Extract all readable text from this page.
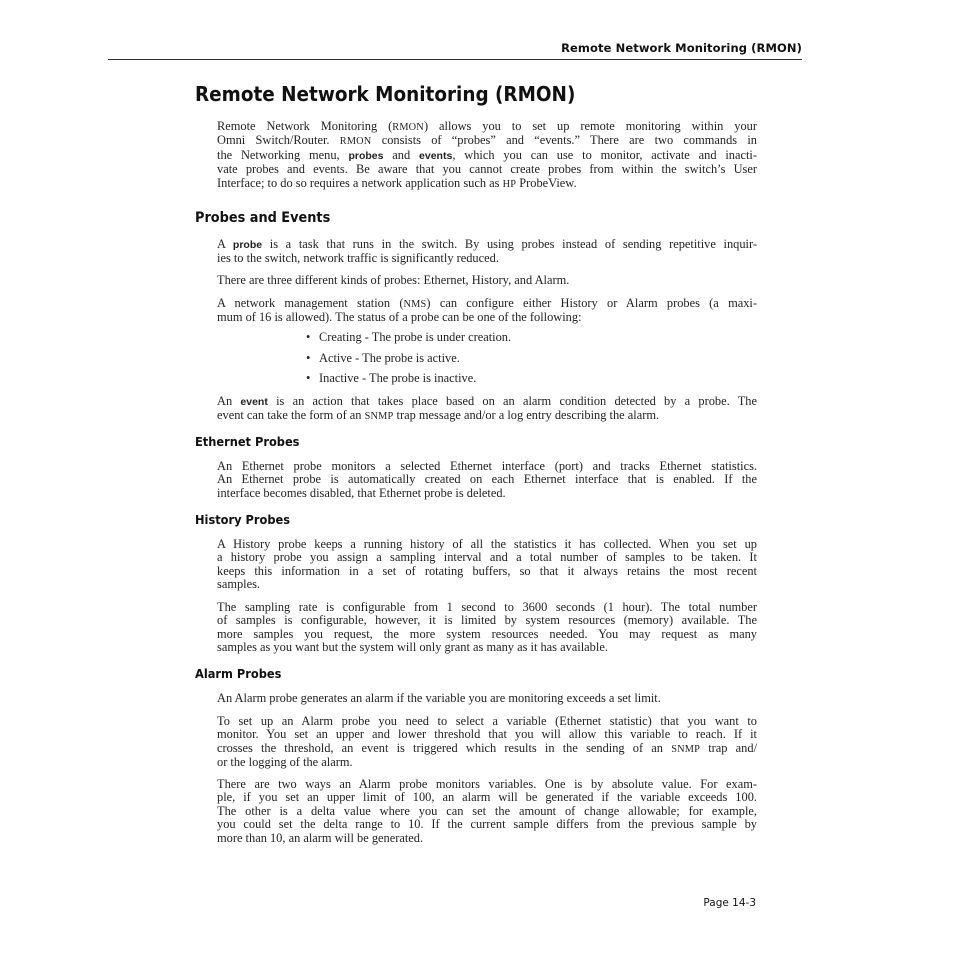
Remote Network Monitoring (RMON)
Remote Network Monitoring (RMON)
Remote Network Monitoring (RMON) allows you to set up remote monitoring within your
Omni Switch/Router. RMON consists of “probes” and “events.” There are two commands in
the Networking menu, probes and events, which you can use to monitor, activate and inacti-
vate probes and events. Be aware that you cannot create probes from within the switch’s User
Interface; to do so requires a network application such as HP ProbeView.
Probes and Events
A probe is a task that runs in the switch. By using probes instead of sending repetitive inquir-
ies to the switch, network traffic is significantly reduced.
There are three different kinds of probes: Ethernet, History, and Alarm.
A network management station (NMS) can configure either History or Alarm probes (a maxi-
mum of 16 is allowed). The status of a probe can be one of the following:
• Creating - The probe is under creation.
• Active - The probe is active.
• Inactive - The probe is inactive.
An event is an action that takes place based on an alarm condition detected by a probe. The
event can take the form of an SNMP trap message and/or a log entry describing the alarm.
Ethernet Probes
An Ethernet probe monitors a selected Ethernet interface (port) and tracks Ethernet statistics.
An Ethernet probe is automatically created on each Ethernet interface that is enabled. If the
interface becomes disabled, that Ethernet probe is deleted.
History Probes
A History probe keeps a running history of all the statistics it has collected. When you set up
a history probe you assign a sampling interval and a total number of samples to be taken. It
keeps this information in a set of rotating buffers, so that it always retains the most recent
samples.
The sampling rate is configurable from 1 second to 3600 seconds (1 hour). The total number
of samples is configurable, however, it is limited by system resources (memory) available. The
more samples you request, the more system resources needed. You may request as many
samples as you want but the system will only grant as many as it has available.
Alarm Probes
An Alarm probe generates an alarm if the variable you are monitoring exceeds a set limit.
To set up an Alarm probe you need to select a variable (Ethernet statistic) that you want to
monitor. You set an upper and lower threshold that you will allow this variable to reach. If it
crosses the threshold, an event is triggered which results in the sending of an SNMP trap and/
or the logging of the alarm.
There are two ways an Alarm probe monitors variables. One is by absolute value. For exam-
ple, if you set an upper limit of 100, an alarm will be generated if the variable exceeds 100.
The other is a delta value where you can set the amount of change allowable; for example,
you could set the delta range to 10. If the current sample differs from the previous sample by
more than 10, an alarm will be generated.
Page 14-3
